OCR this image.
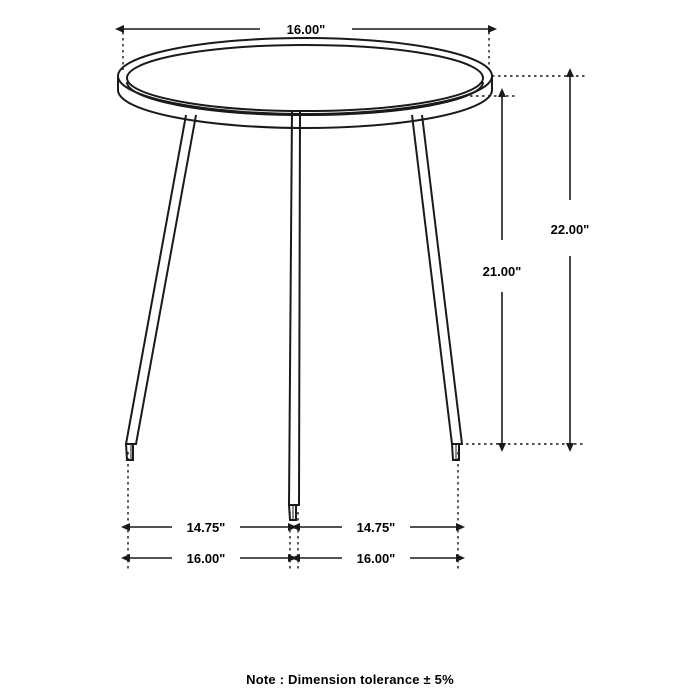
16.00"
22.00"
21.00"
14.75"	14.75"
16.00"	16.00"
Note : Dimension tolerance ± 5%
